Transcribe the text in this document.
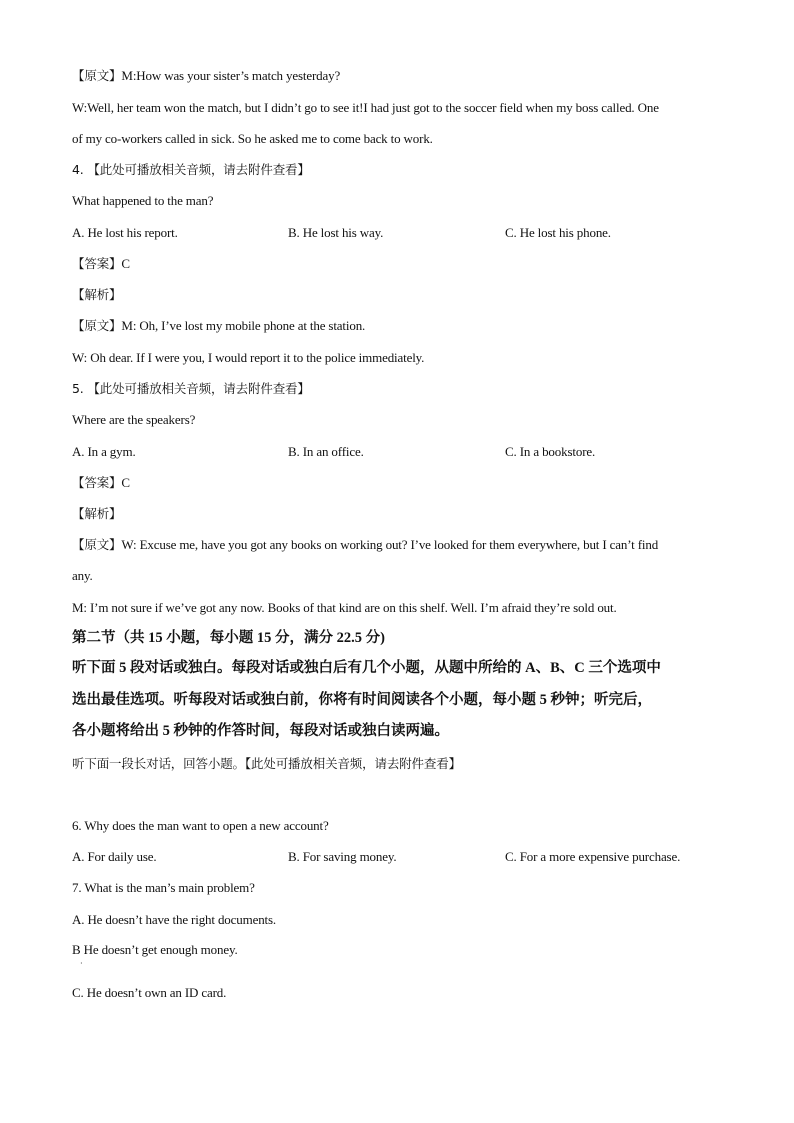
【原文】M:How was your sister’s match yesterday?
W:Well, her team won the match, but I didn’t go to see it!I had just got to the soccer field when my boss called. One
of my co-workers called in sick. So he asked me to come back to work.
4. 【此处可播放相关音频，请去附件查看】
What happened to the man?
A. He lost his report.	B. He lost his way.	C. He lost his phone.
【答案】C
【解析】
【原文】M: Oh, I’ve lost my mobile phone at the station.
W: Oh dear. If I were you, I would report it to the police immediately.
5. 【此处可播放相关音频，请去附件查看】
Where are the speakers?
A. In a gym.	B. In an office.	C. In a bookstore.
【答案】C
【解析】
【原文】W: Excuse me, have you got any books on working out? I’ve looked for them everywhere, but I can’t find
any.
M: I’m not sure if we’ve got any now. Books of that kind are on this shelf. Well. I’m afraid they’re sold out.
第二节（共 15 小题，每小题 15 分，满分 22.5 分)
听下面 5 段对话或独白。每段对话或独白后有几个小题，从题中所给的 A、B、C 三个选项中
选出最佳选项。听每段对话或独白前，你将有时间阅读各个小题，每小题 5 秒钟；听完后，
各小题将给出 5 秒钟的作答时间，每段对话或独白读两遍。
听下面一段长对话，回答小题。【此处可播放相关音频，请去附件查看】
6. Why does the man want to open a new account?
A. For daily use.	B. For saving money.	C. For a more expensive purchase.
7. What is the man’s main problem?
A. He doesn’t have the right documents.
B He doesn’t get enough money.
·
C. He doesn’t own an ID card.
